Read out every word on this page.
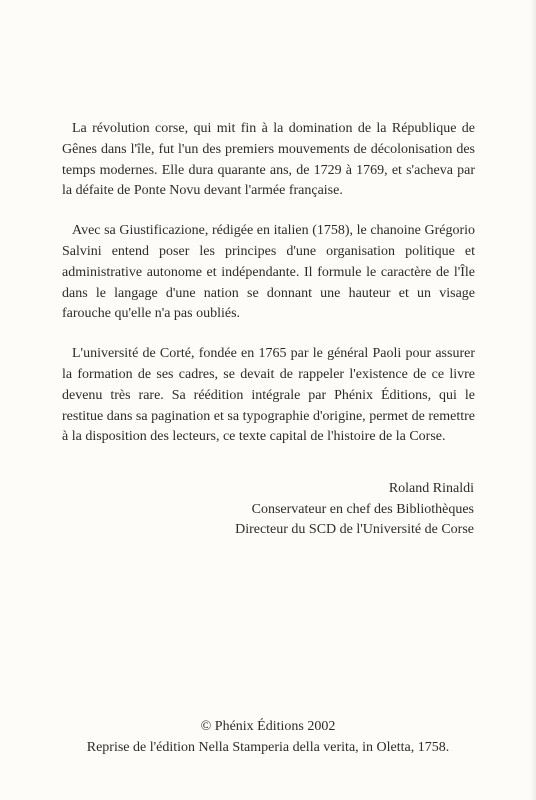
La révolution corse, qui mit fin à la domination de la République de Gênes dans l'île, fut l'un des premiers mouvements de décolonisation des temps modernes. Elle dura quarante ans, de 1729 à 1769, et s'acheva par la défaite de Ponte Novu devant l'armée française.

Avec sa Giustificazione, rédigée en italien (1758), le chanoine Grégorio Salvini entend poser les principes d'une organisation politique et administrative autonome et indépendante. Il formule le caractère de l'Île dans le langage d'une nation se donnant une hauteur et un visage farouche qu'elle n'a pas oubliés.

L'université de Corté, fondée en 1765 par le général Paoli pour assurer la formation de ses cadres, se devait de rappeler l'existence de ce livre devenu très rare. Sa réédition intégrale par Phénix Éditions, qui le restitue dans sa pagination et sa typographie d'origine, permet de remettre à la disposition des lecteurs, ce texte capital de l'histoire de la Corse.

Roland Rinaldi
Conservateur en chef des Bibliothèques
Directeur du SCD de l'Université de Corse
© Phénix Éditions 2002
Reprise de l'édition Nella Stamperia della verita, in Oletta, 1758.
